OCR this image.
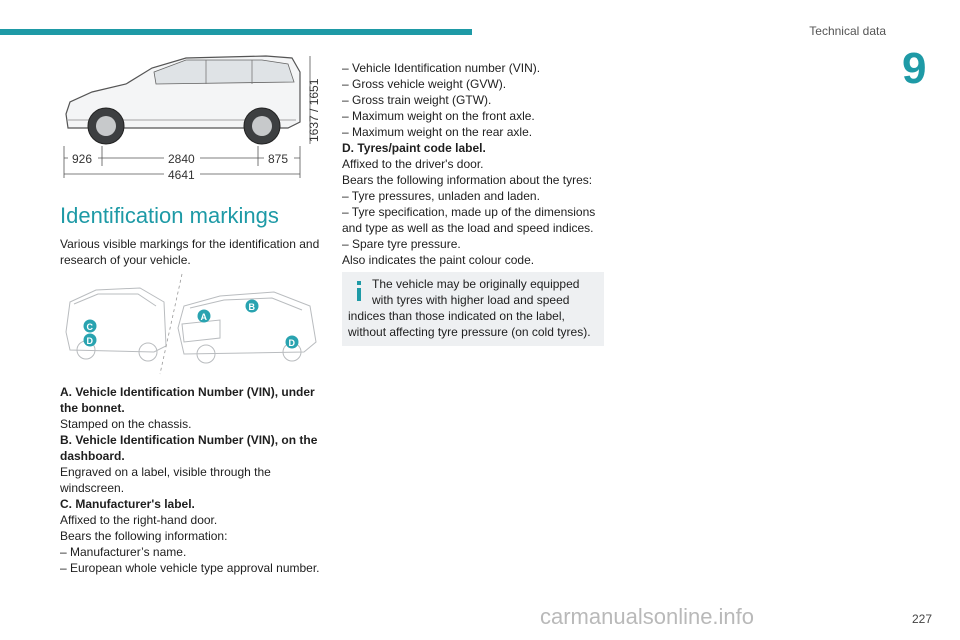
Technical data
9
1637 / 1651
926	2840	875
4641
Identification markings
Various visible markings for the identification and research of your vehicle.
A
B
C
D	D

A. Vehicle Identification Number (VIN), under the bonnet.

Stamped on the chassis.

B. Vehicle Identification Number (VIN), on the dashboard.

Engraved on a label, visible through the windscreen.

C. Manufacturer's label.

Affixed to the right-hand door.

Bears the following information:

– Manufacturer’s name.

– European whole vehicle type approval number.

– Vehicle Identification number (VIN).

– Gross vehicle weight (GVW).

– Gross train weight (GTW).

– Maximum weight on the front axle.

– Maximum weight on the rear axle.

D. Tyres/paint code label.

Affixed to the driver's door.

Bears the following information about the tyres:

– Tyre pressures, unladen and laden.

– Tyre specification, made up of the dimensions and type as well as the load and speed indices.

– Spare tyre pressure.

Also indicates the paint colour code.

The vehicle may be originally equipped with tyres with higher load and speed

indices than those indicated on the label, without affecting tyre pressure (on cold tyres).

227
carmanualsonline.info
